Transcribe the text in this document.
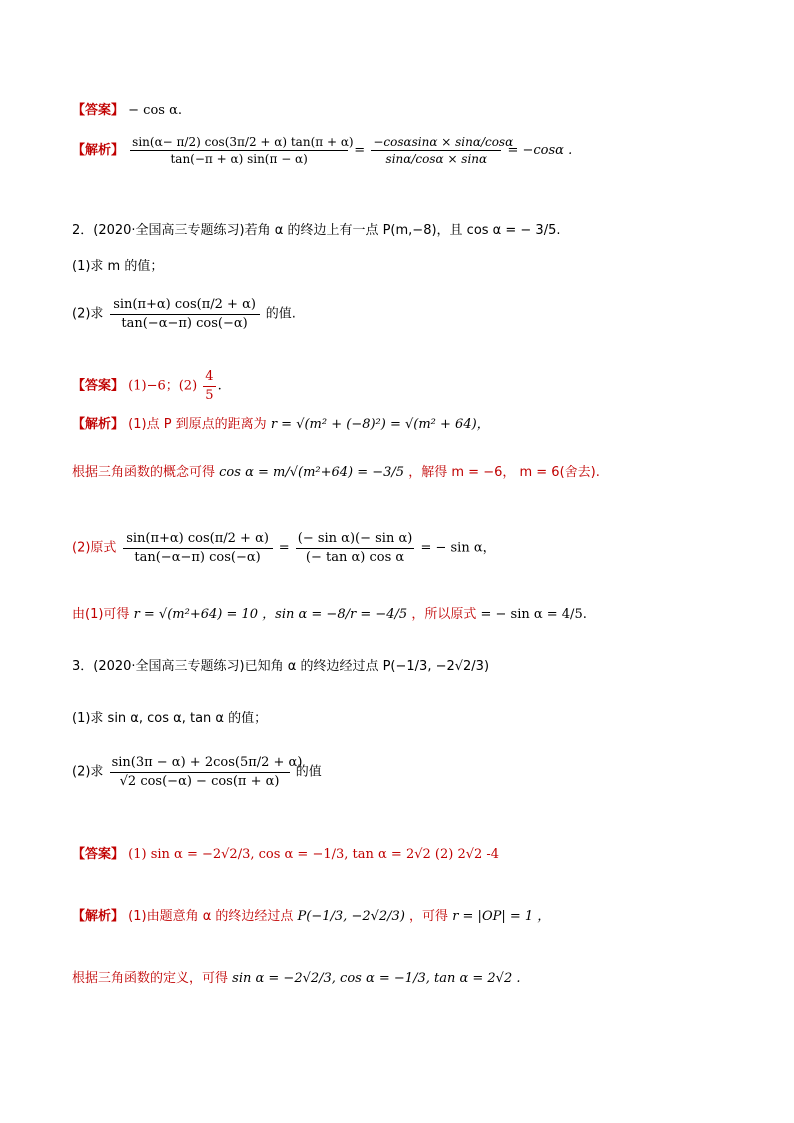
【答案】 − cos α.
【解析】 $\frac{\sin(\alpha- \pi/2) \cos(3\pi/2 + \alpha) \tan(\pi + \alpha)}{\tan(-\pi + \alpha) \sin(\pi - \alpha)} = \frac{-\cos\alpha\sin\alpha \times \sin\alpha/\cos\alpha}{\sin\alpha/\cos\alpha \times \sin\alpha} = -\cos\alpha$ .
2．(2020·全国高三专题练习)若角 α 的终边上有一点 P(m,−8)，且 cos α = − 3/5.
(1)求 m 的值；
(2)求 $\frac{\sin(\pi+\alpha) \cos(\pi/2 + \alpha)}{\tan(-\alpha-\pi) \cos(-\alpha)}$ 的值.
【答案】 (1)−6；$(2) \frac{4}{5}$ .
【解析】 (1)点 P 到原点的距离为 r = √(m² + (−8)²) = √(m² + 64)，
根据三角函数的概念可得 cos α = m/√(m²+64) = −3/5 ，解得 m = −6， m = 6(舍去).
(2)原式 $\frac{\sin(\pi+\alpha) \cos(\pi/2 + \alpha)}{\tan(-\alpha-\pi) \cos(-\alpha)} = \frac{\text{(− sin α)(− sin α)}}{\text{(− tan α) cos α}}$ = − sin α，
由(1)可得 r = √(m²+64) = 10 ，sin α = −8/r = −4/5 ，所以原式 = − sin α = 4/5.
3．(2020·全国高三专题练习)已知角 α 的终边经过点 P(−1/3, −2√2/3)
(1)求 sin α, cos α, tan α 的值；
(2)求 $\frac{\sin(3\pi - \alpha) + 2\cos(5\pi/2 + \alpha)}{√2 \cos(-\alpha) - \cos(\pi + \alpha)}$ 的值
【答案】 (1) sin α = −2√2/3, cos α = −1/3, tan α = 2√2 (2) 2√2 -4
【解析】 (1)由题意角 α 的终边经过点 P(−1/3, −2√2/3) ，可得 r = |OP| = 1 ，
根据三角函数的定义，可得 sin α = −2√2/3, cos α = −1/3, tan α = 2√2 .
